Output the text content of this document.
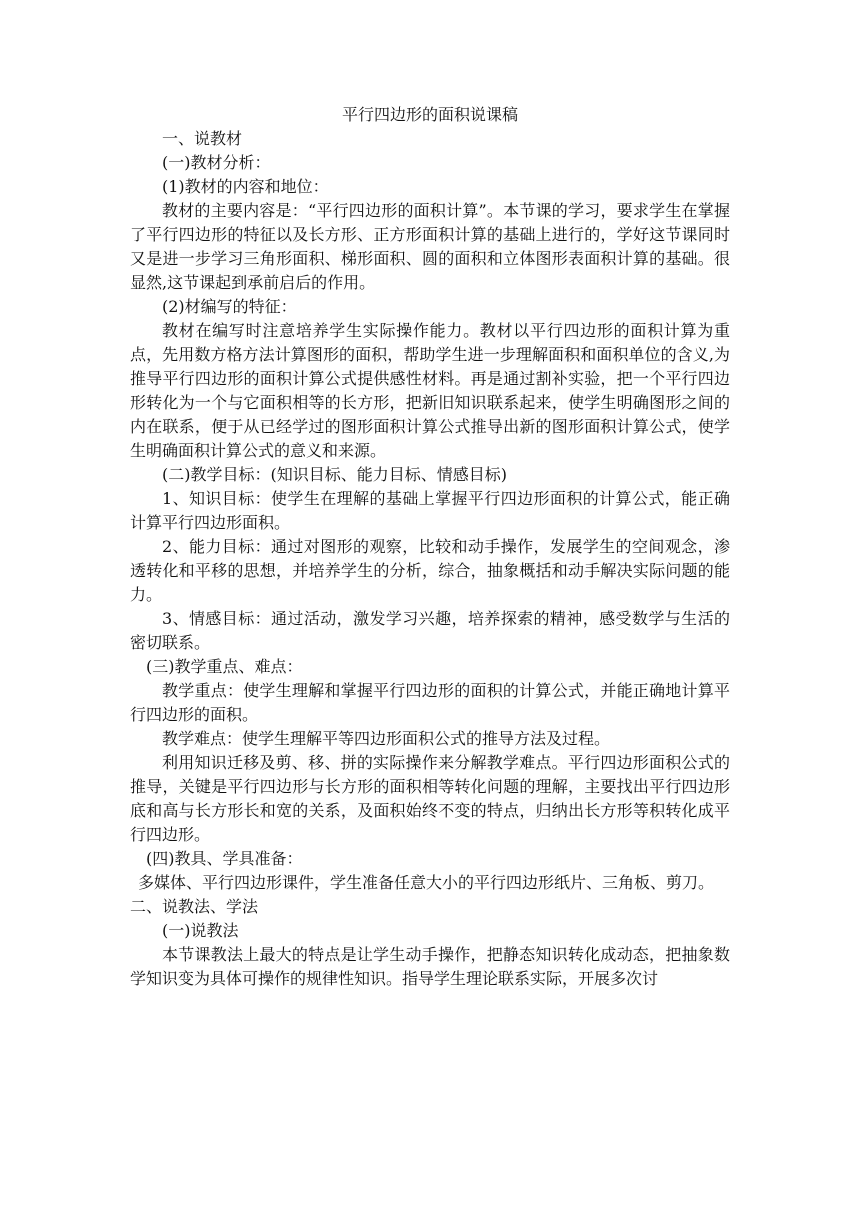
平行四边形的面积说课稿

一、说教材

(一)教材分析：

(1)教材的内容和地位：

教材的主要内容是：“平行四边形的面积计算”。本节课的学习，要求学生在掌握了平行四边形的特征以及长方形、正方形面积计算的基础上进行的，学好这节课同时又是进一步学习三角形面积、梯形面积、圆的面积和立体图形表面积计算的基础。很显然,这节课起到承前启后的作用。

(2)材编写的特征：

教材在编写时注意培养学生实际操作能力。教材以平行四边形的面积计算为重点，先用数方格方法计算图形的面积，帮助学生进一步理解面积和面积单位的含义,为推导平行四边形的面积计算公式提供感性材料。再是通过割补实验，把一个平行四边形转化为一个与它面积相等的长方形，把新旧知识联系起来，使学生明确图形之间的内在联系，便于从已经学过的图形面积计算公式推导出新的图形面积计算公式，使学生明确面积计算公式的意义和来源。

(二)教学目标：(知识目标、能力目标、情感目标)

1、知识目标：使学生在理解的基础上掌握平行四边形面积的计算公式，能正确计算平行四边形面积。

2、能力目标：通过对图形的观察，比较和动手操作，发展学生的空间观念，渗透转化和平移的思想，并培养学生的分析，综合，抽象概括和动手解决实际问题的能力。

3、情感目标：通过活动，激发学习兴趣，培养探索的精神，感受数学与生活的密切联系。

(三)教学重点、难点：

教学重点：使学生理解和掌握平行四边形的面积的计算公式，并能正确地计算平行四边形的面积。

教学难点：使学生理解平等四边形面积公式的推导方法及过程。

利用知识迁移及剪、移、拼的实际操作来分解教学难点。平行四边形面积公式的推导，关键是平行四边形与长方形的面积相等转化问题的理解，主要找出平行四边形底和高与长方形长和宽的关系，及面积始终不变的特点，归纳出长方形等积转化成平行四边形。

(四)教具、学具准备：

多媒体、平行四边形课件，学生准备任意大小的平行四边形纸片、三角板、剪刀。

二、说教法、学法

(一)说教法

本节课教法上最大的特点是让学生动手操作，把静态知识转化成动态，把抽象数学知识变为具体可操作的规律性知识。指导学生理论联系实际，开展多次讨
